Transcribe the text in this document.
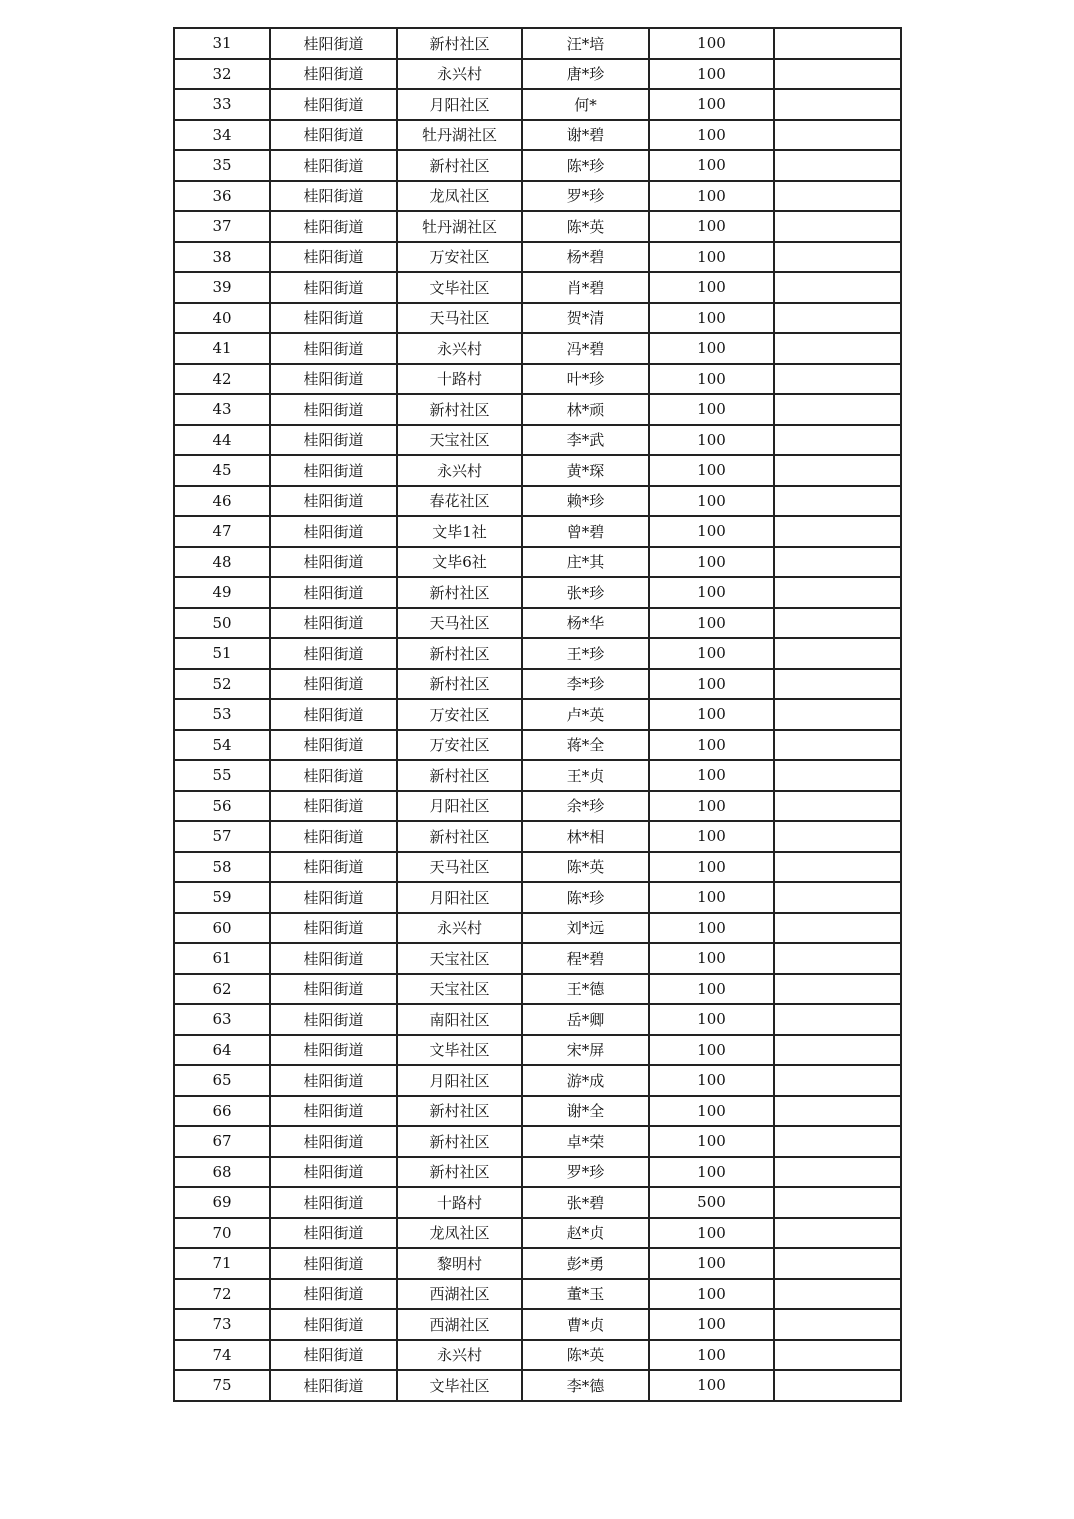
31	桂阳街道	新村社区	汪*培	100	
32	桂阳街道	永兴村	唐*珍	100	
33	桂阳街道	月阳社区	何*	100	
34	桂阳街道	牡丹湖社区	谢*碧	100	
35	桂阳街道	新村社区	陈*珍	100	
36	桂阳街道	龙凤社区	罗*珍	100	
37	桂阳街道	牡丹湖社区	陈*英	100	
38	桂阳街道	万安社区	杨*碧	100	
39	桂阳街道	文毕社区	肖*碧	100	
40	桂阳街道	天马社区	贺*清	100	
41	桂阳街道	永兴村	冯*碧	100	
42	桂阳街道	十路村	叶*珍	100	
43	桂阳街道	新村社区	林*顽	100	
44	桂阳街道	天宝社区	李*武	100	
45	桂阳街道	永兴村	黄*琛	100	
46	桂阳街道	春花社区	赖*珍	100	
47	桂阳街道	文毕1社	曾*碧	100	
48	桂阳街道	文毕6社	庄*其	100	
49	桂阳街道	新村社区	张*珍	100	
50	桂阳街道	天马社区	杨*华	100	
51	桂阳街道	新村社区	王*珍	100	
52	桂阳街道	新村社区	李*珍	100	
53	桂阳街道	万安社区	卢*英	100	
54	桂阳街道	万安社区	蒋*全	100	
55	桂阳街道	新村社区	王*贞	100	
56	桂阳街道	月阳社区	余*珍	100	
57	桂阳街道	新村社区	林*相	100	
58	桂阳街道	天马社区	陈*英	100	
59	桂阳街道	月阳社区	陈*珍	100	
60	桂阳街道	永兴村	刘*远	100	
61	桂阳街道	天宝社区	程*碧	100	
62	桂阳街道	天宝社区	王*德	100	
63	桂阳街道	南阳社区	岳*卿	100	
64	桂阳街道	文毕社区	宋*屏	100	
65	桂阳街道	月阳社区	游*成	100	
66	桂阳街道	新村社区	谢*全	100	
67	桂阳街道	新村社区	卓*荣	100	
68	桂阳街道	新村社区	罗*珍	100	
69	桂阳街道	十路村	张*碧	500	
70	桂阳街道	龙凤社区	赵*贞	100	
71	桂阳街道	黎明村	彭*勇	100	
72	桂阳街道	西湖社区	董*玉	100	
73	桂阳街道	西湖社区	曹*贞	100	
74	桂阳街道	永兴村	陈*英	100	
75	桂阳街道	文毕社区	李*德	100	
